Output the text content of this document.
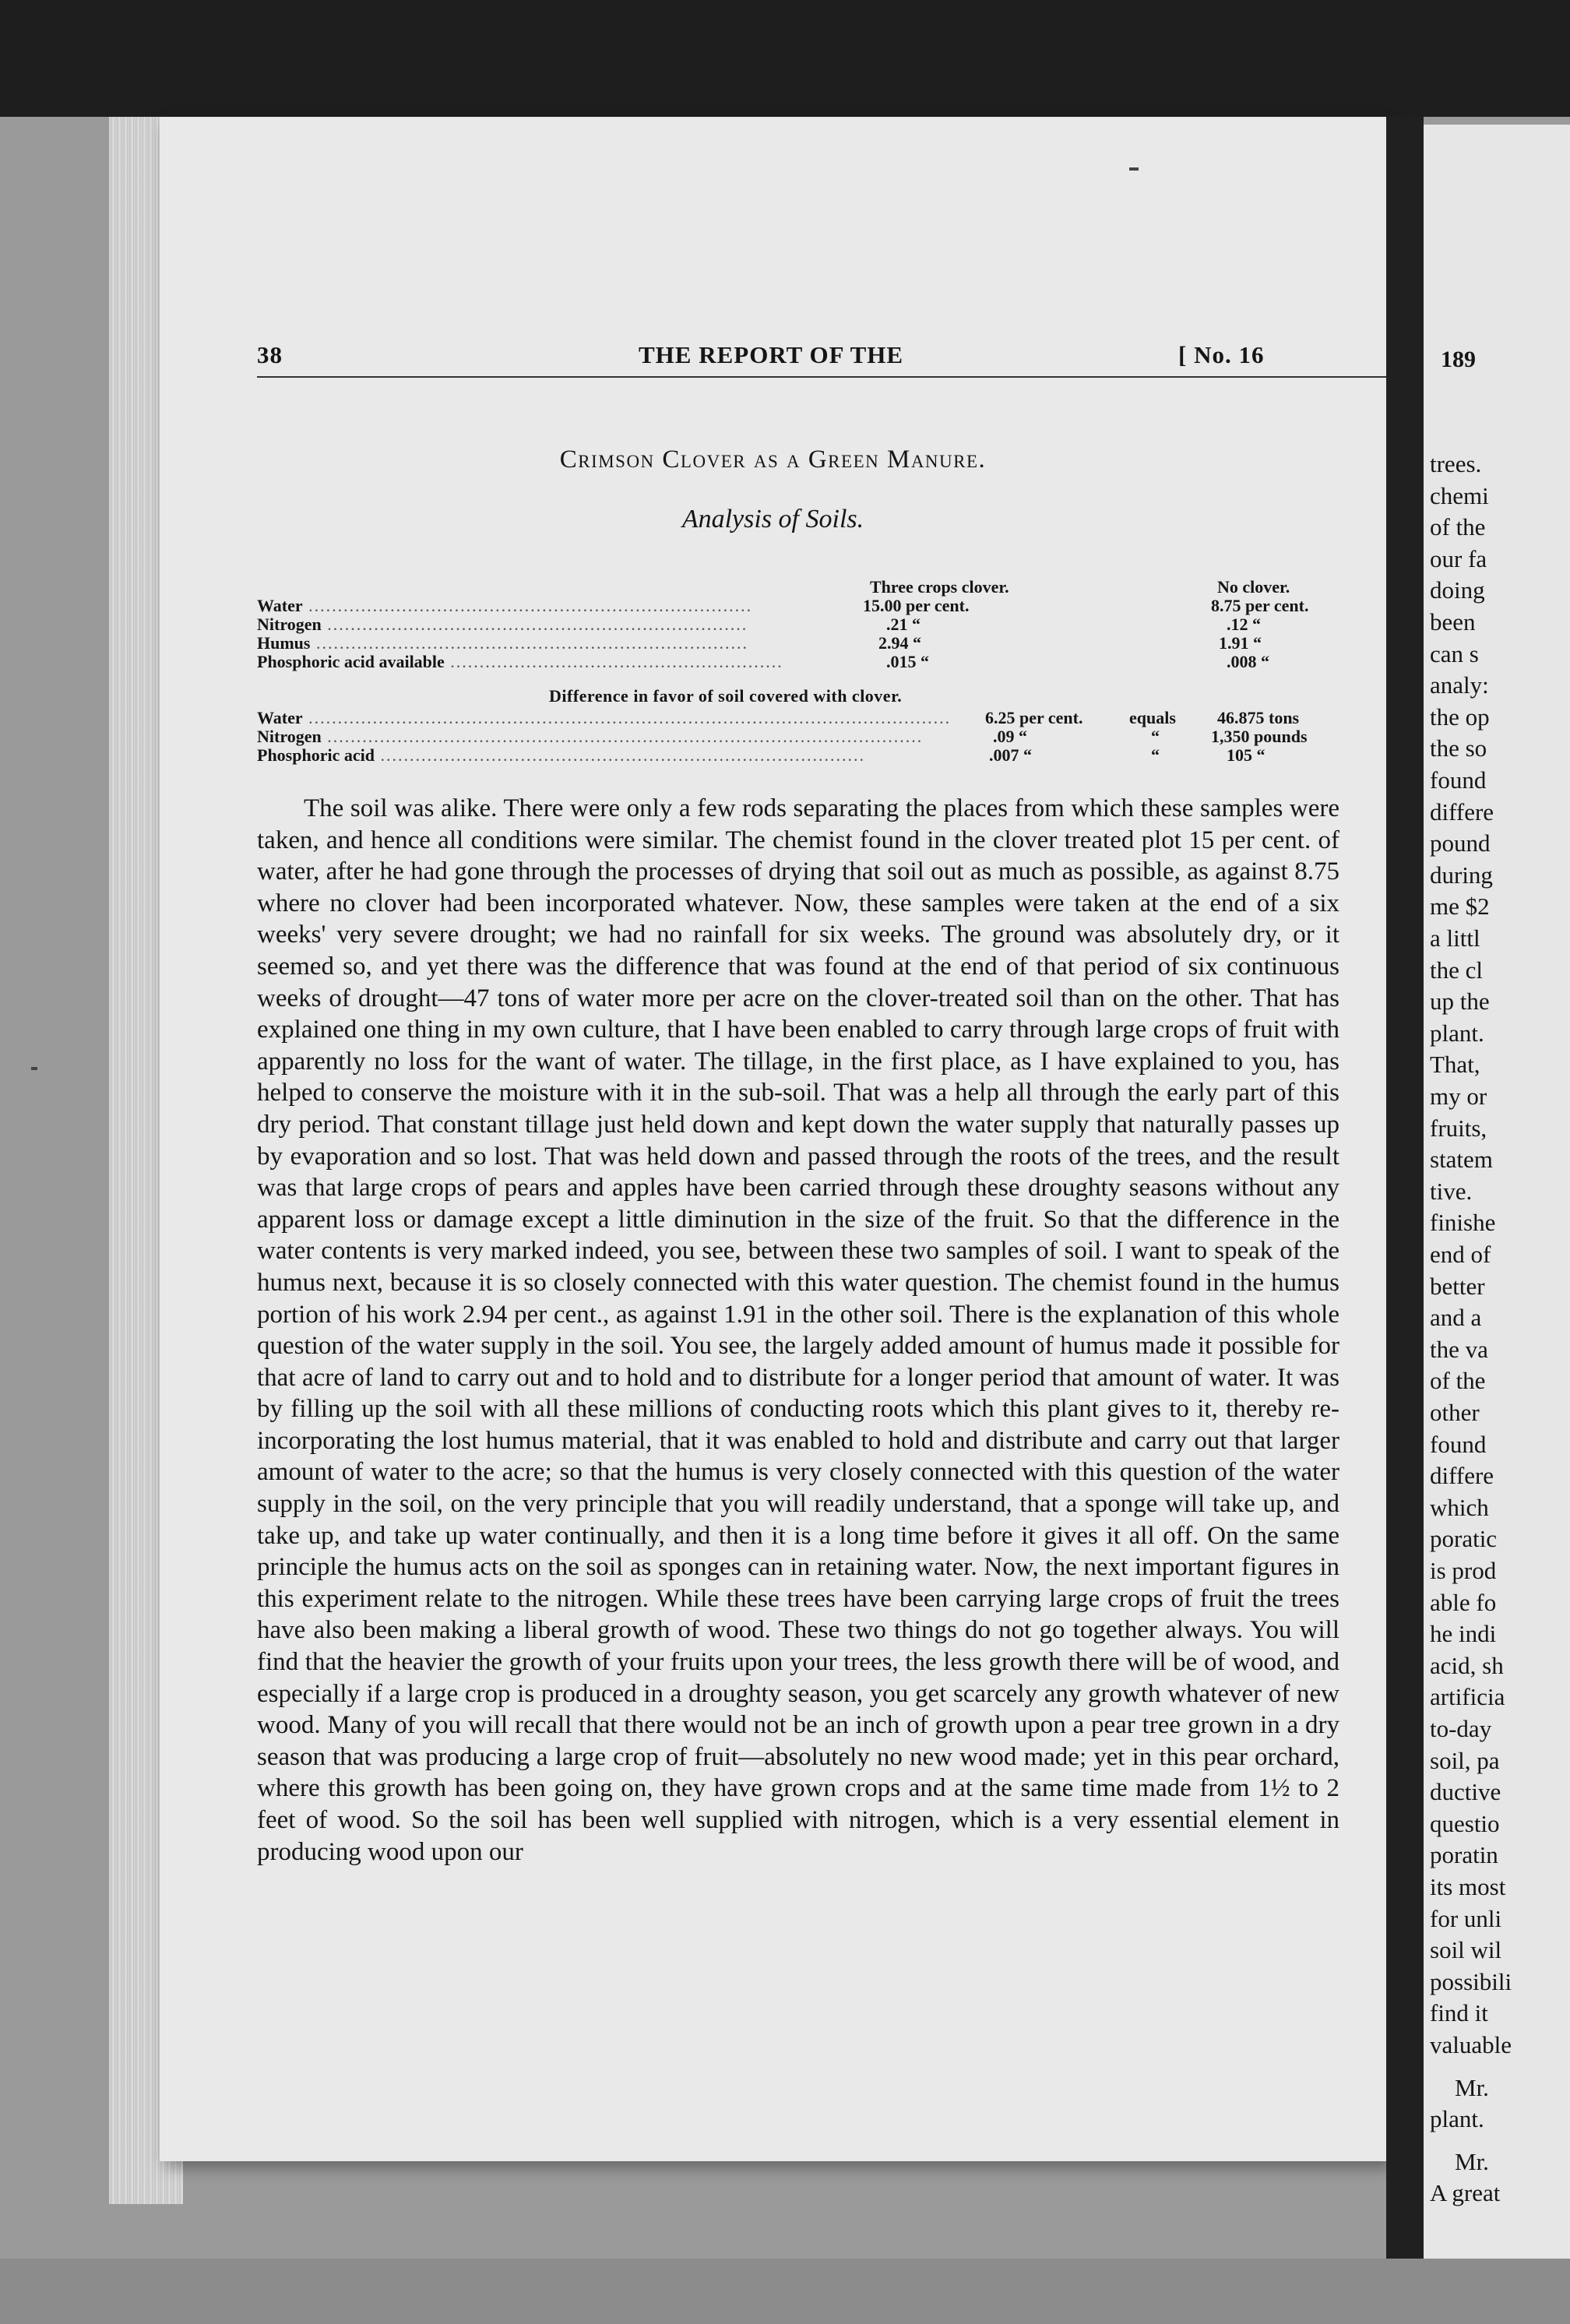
38	THE REPORT OF THE	[ No. 16
Crimson Clover as a Green Manure.
Analysis of Soils.
Three crops clover.	No clover.
Water ............................................................................	15.00 per cent.	8.75 per cent.
Nitrogen ........................................................................	.21 “	.12 “
Humus ..........................................................................	2.94 “	1.91 “
Phosphoric acid available .........................................................	.015 “	.008 “
Difference in favor of soil covered with clover.
Water ..............................................................................................................	6.25 per cent.	equals 46.875 tons
Nitrogen ......................................................................................................	.09 “	“	1,350 pounds
Phosphoric acid ...................................................................................	.007 “	“	105 “

The soil was alike. There were only a few rods separating the places from which these samples were taken, and hence all conditions were similar. The chemist found in the clover treated plot 15 per cent. of water, after he had gone through the processes of drying that soil out as much as possible, as against 8.75 where no clover had been incorporated whatever. Now, these samples were taken at the end of a six weeks' very severe drought; we had no rainfall for six weeks. The ground was absolutely dry, or it seemed so, and yet there was the difference that was found at the end of that period of six continuous weeks of drought—47 tons of water more per acre on the clover-treated soil than on the other. That has explained one thing in my own culture, that I have been enabled to carry through large crops of fruit with apparently no loss for the want of water. The tillage, in the first place, as I have explained to you, has helped to conserve the moisture with it in the sub-soil. That was a help all through the early part of this dry period. That constant tillage just held down and kept down the water supply that naturally passes up by evaporation and so lost. That was held down and passed through the roots of the trees, and the result was that large crops of pears and apples have been carried through these droughty seasons without any apparent loss or damage except a little diminution in the size of the fruit. So that the difference in the water contents is very marked indeed, you see, between these two samples of soil. I want to speak of the humus next, because it is so closely connected with this water question. The chemist found in the humus portion of his work 2.94 per cent., as against 1.91 in the other soil. There is the explanation of this whole question of the water supply in the soil. You see, the largely added amount of humus made it possible for that acre of land to carry out and to hold and to distribute for a longer period that amount of water. It was by filling up the soil with all these millions of conducting roots which this plant gives to it, thereby re-incorporating the lost humus material, that it was enabled to hold and distribute and carry out that larger amount of water to the acre; so that the humus is very closely connected with this question of the water supply in the soil, on the very principle that you will readily understand, that a sponge will take up, and take up, and take up water continually, and then it is a long time before it gives it all off. On the same principle the humus acts on the soil as sponges can in retaining water. Now, the next important figures in this experiment relate to the nitrogen. While these trees have been carrying large crops of fruit the trees have also been making a liberal growth of wood. These two things do not go together always. You will find that the heavier the growth of your fruits upon your trees, the less growth there will be of wood, and especially if a large crop is produced in a droughty season, you get scarcely any growth whatever of new wood. Many of you will recall that there would not be an inch of growth upon a pear tree grown in a dry season that was producing a large crop of fruit—absolutely no new wood made; yet in this pear orchard, where this growth has been going on, they have grown crops and at the same time made from 1½ to 2 feet of wood. So the soil has been well supplied with nitrogen, which is a very essential element in producing wood upon our

189
trees.
chemi
of the
our fa
doing
been
can s
analy:
the op
the so
found
differe
pound
during
me $2
a littl
the cl
up the
plant.
That,
my or
fruits,
statem
tive.
finishe
end of
better
and a
the va
of the
other
found
differe
which
poratic
is prod
able fo
he indi
acid, sh
artificia
to-day
soil, pa
ductive
questio
poratin
its most
for unli
soil wil
possibili
find it
valuable
Mr.
plant.
Mr.
A great
